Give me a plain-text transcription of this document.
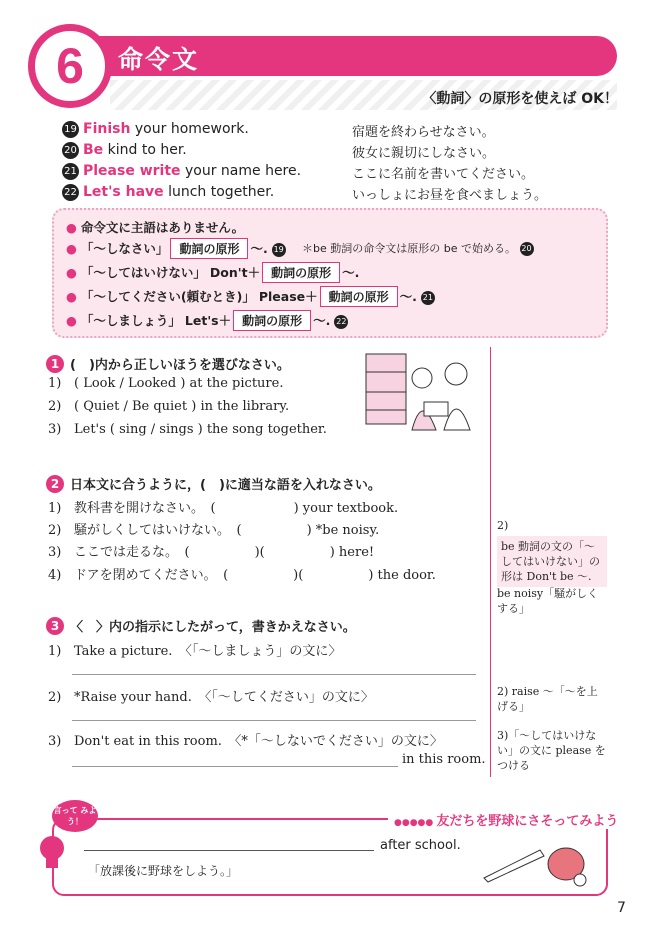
6	命令文
〈動詞〉の原形を使えば OK！
19 Finish your homework.	宿題を終わらせなさい。
20 Be kind to her.	彼女に親切にしなさい。
21 Please write your name here.	ここに名前を書いてください。
22 Let's have lunch together.	いっしょにお昼を食べましょう。
● 命令文に主語はありません。
● 「～しなさい」 動詞の原形 ～. 19 ＊be 動詞の命令文は原形の be で始める。 20
● 「～してはいけない」 Don't＋ 動詞の原形 ～.
● 「～してください(頼むとき)」 Please＋ 動詞の原形 ～. 21
● 「～しましょう」 Let's＋ 動詞の原形 ～. 22
1 (　)内から正しいほうを選びなさい。
1) ( Look / Looked ) at the picture.
2) ( Quiet / Be quiet ) in the library.
3) Let's ( sing / sings ) the song together.
2 日本文に合うように，(　)に適当な語を入れなさい。
1) 教科書を開けなさい。　(　　　　　　) your textbook.
2) 騒がしくしてはいけない。　(　　　　　) *be noisy.
3) ここでは走るな。　(　　　　　)(　　　　　) here!
4) ドアを閉めてください。　(　　　　　)(　　　　　) the door.
3 〈　〉内の指示にしたがって，書きかえなさい。
1) Take a picture.　〈「～しましょう」の文に〉
2) *Raise your hand.　〈「～してください」の文に〉
3) Don't eat in this room.　〈*「～しないでください」の文に〉
in this room.
2)
be 動詞の文の「～してはいけない」の形は Don't be ～.
be noisy「騒がしくする」
2) raise ～「～を上げる」
3)「～してはいけない」の文に please をつける
●●●●● 友だちを野球にさそってみよう
言って みよう！
after school.
「放課後に野球をしよう。」
7
